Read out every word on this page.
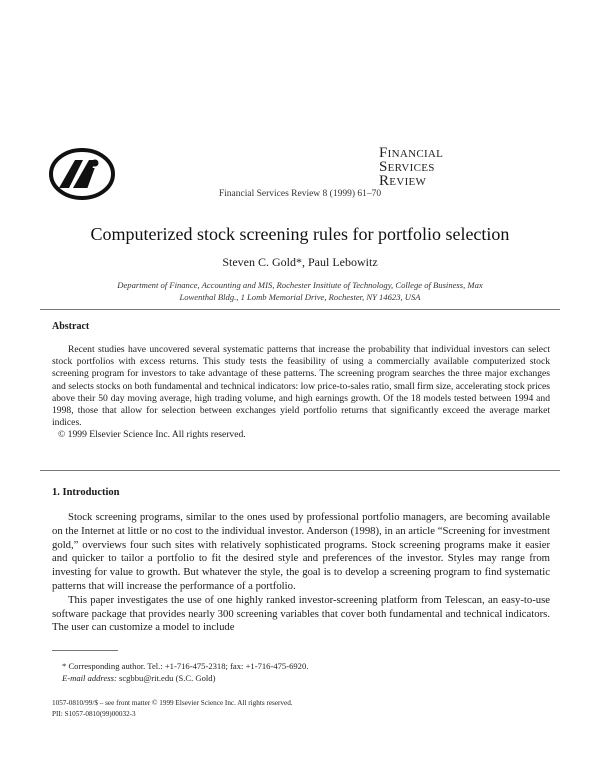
Financial
Services
Review
Financial Services Review 8 (1999) 61–70
Computerized stock screening rules for portfolio selection
Steven C. Gold*, Paul Lebowitz
Department of Finance, Accounting and MIS, Rochester Insitiute of Technology, College of Business, Max
Lowenthal Bldg., 1 Lomb Memorial Drive, Rochester, NY 14623, USA
Abstract
Recent studies have uncovered several systematic patterns that increase the probability that individual investors can select stock portfolios with excess returns. This study tests the feasibility of using a commercially available computerized stock screening program for investors to take advantage of these patterns. The screening program searches the three major exchanges and selects stocks on both fundamental and technical indicators: low price-to-sales ratio, small firm size, accelerating stock prices above their 50 day moving average, high trading volume, and high earnings growth. Of the 18 models tested between 1994 and 1998, those that allow for selection between exchanges yield portfolio returns that significantly exceed the average market indices.
© 1999 Elsevier Science Inc. All rights reserved.
1. Introduction

Stock screening programs, similar to the ones used by professional portfolio managers, are becoming available on the Internet at little or no cost to the individual investor. Anderson (1998), in an article “Screening for investment gold,” overviews four such sites with relatively sophisticated programs. Stock screening programs make it easier and quicker to tailor a portfolio to fit the desired style and preferences of the investor. Styles may range from investing for value to growth. But whatever the style, the goal is to develop a screening program to find systematic patterns that will increase the performance of a portfolio.

This paper investigates the use of one highly ranked investor-screening platform from Telescan, an easy-to-use software package that provides nearly 300 screening variables that cover both fundamental and technical indicators. The user can customize a model to include

* Corresponding author. Tel.: +1-716-475-2318; fax: +1-716-475-6920.
E-mail address: scgbbu@rit.edu (S.C. Gold)
1057-0810/99/$ – see front matter © 1999 Elsevier Science Inc. All rights reserved.
PII: S1057-0810(99)00032-3
